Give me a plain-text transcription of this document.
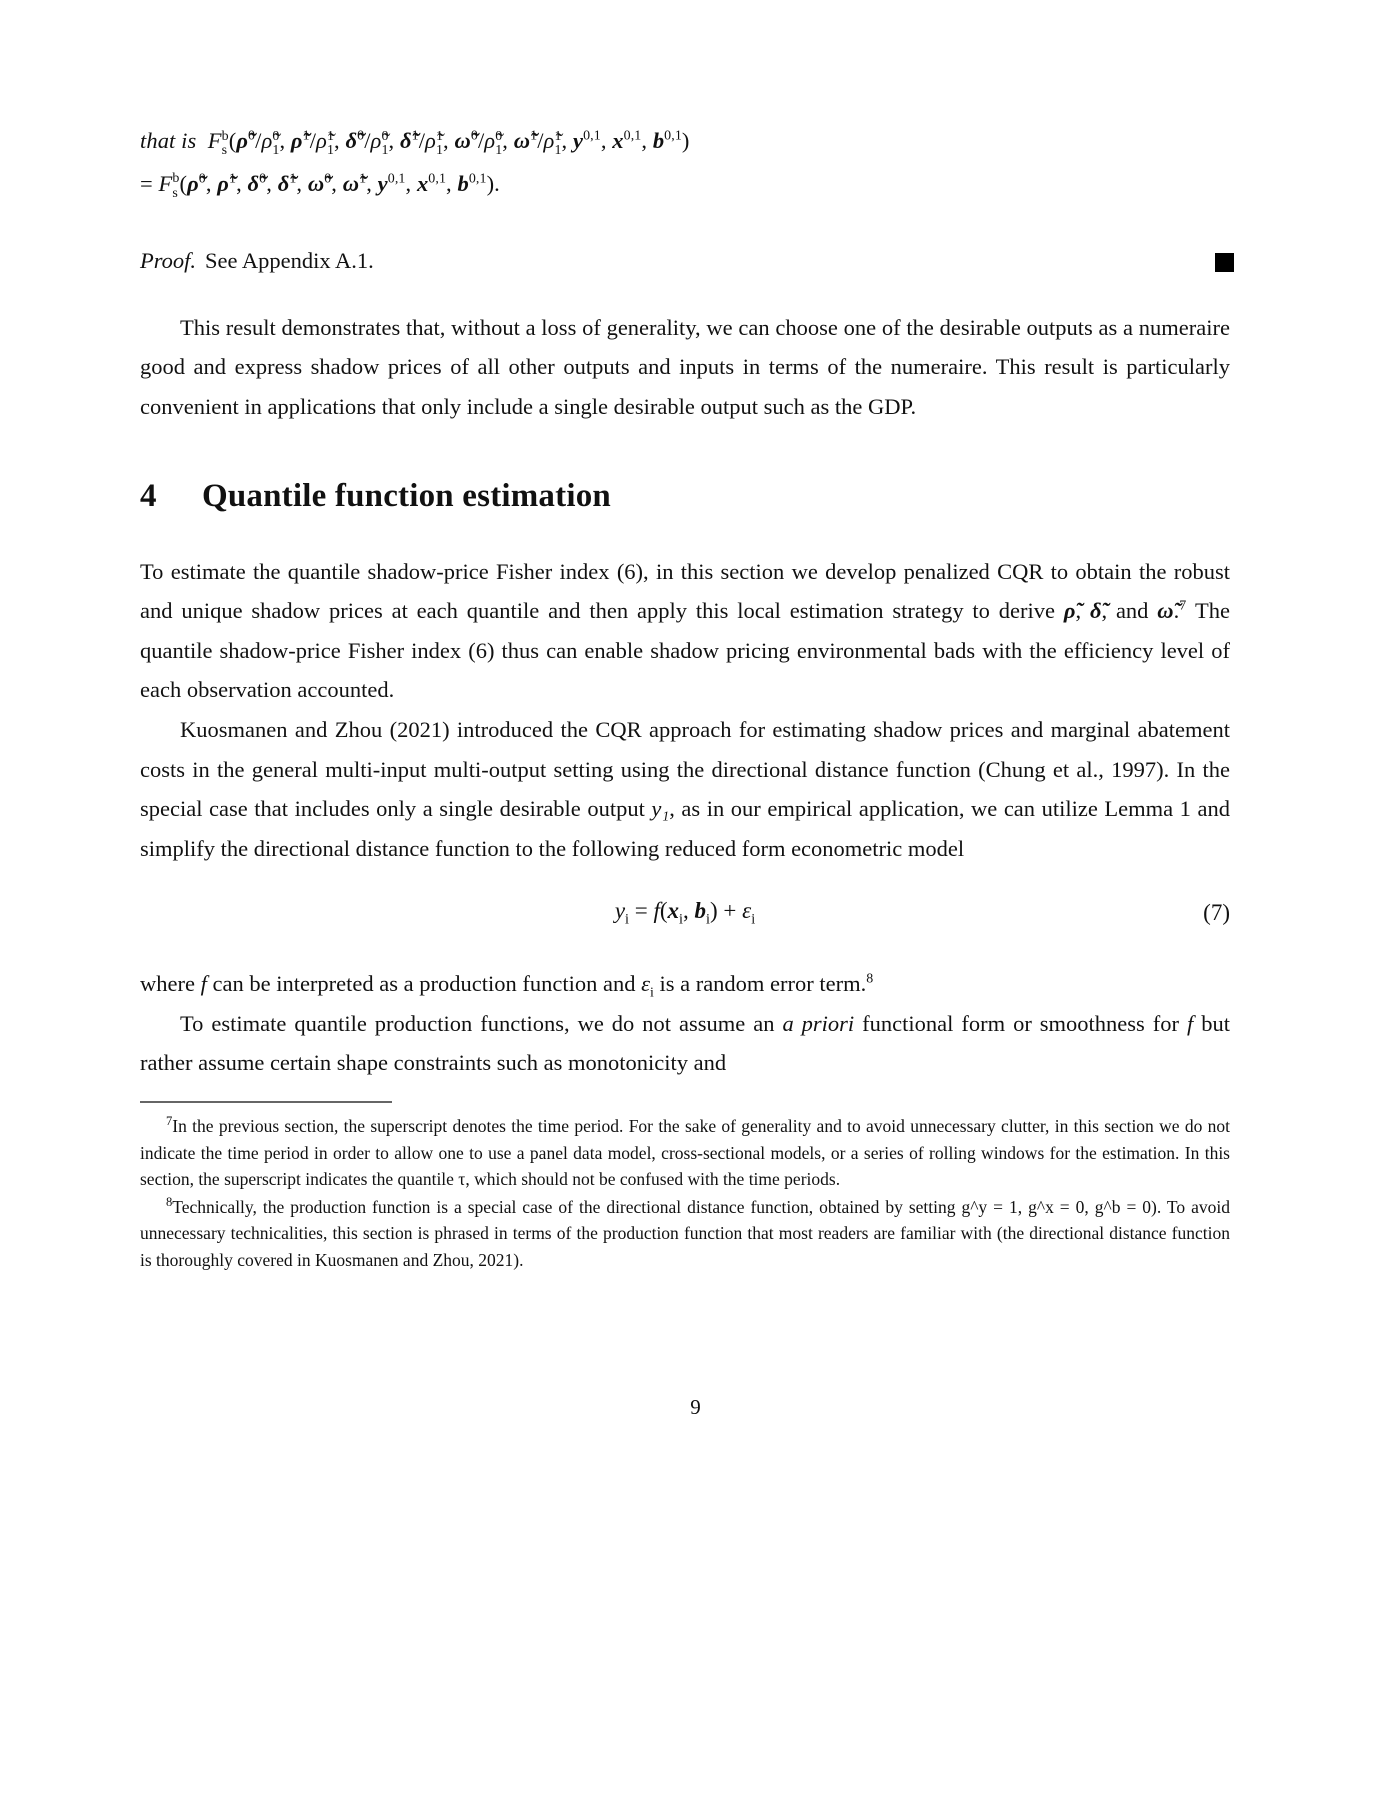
that is F b
s (ρ̃$^0$/ρ̃ 0
1 , ρ̃$^1$/ρ̃ 1
1 , δ̃$^0$/ρ̃ 0
1 , δ̃$^1$/ρ̃ 1
1 , ω̃$^0$/ρ̃ 0
1 , ω̃$^1$/ρ̃ 1
1 , $y^{0,1}$, $x^{0,1}$, $b^{0,1}$)
= F b
s (ρ̃$^0$, ρ̃$^1$, δ̃$^0$, δ̃$^1$, ω̃$^0$, ω̃$^1$, $y^{0,1}$, $x^{0,1}$, $b^{0,1}$).
Proof. See Appendix A.1.

This result demonstrates that, without a loss of generality, we can choose one of the desirable outputs as a numeraire good and express shadow prices of all other outputs and inputs in terms of the numeraire. This result is particularly convenient in applications that only include a single desirable output such as the GDP.

4 Quantile function estimation

To estimate the quantile shadow-price Fisher index (6), in this section we develop penalized CQR to obtain the robust and unique shadow prices at each quantile and then apply this local estimation strategy to derive ρ̃, δ̃, and ω̃.$^7$ The quantile shadow-price Fisher index (6) thus can enable shadow pricing environmental bads with the efficiency level of each observation accounted.

Kuosmanen and Zhou (2021) introduced the CQR approach for estimating shadow prices and marginal abatement costs in the general multi-input multi-output setting using the directional distance function (Chung et al., 1997). In the special case that includes only a single desirable output y₁, as in our empirical application, we can utilize Lemma 1 and simplify the directional distance function to the following reduced form econometric model

$y_i = f(x_i$, $b_i) + \varepsilon_i$	(7)

where f can be interpreted as a production function and $\varepsilon_i$ is a random error term.$^8$

To estimate quantile production functions, we do not assume an a priori functional form or smoothness for f but rather assume certain shape constraints such as monotonicity and

$^7$In the previous section, the superscript denotes the time period. For the sake of generality and to avoid unnecessary clutter, in this section we do not indicate the time period in order to allow one to use a panel data model, cross-sectional models, or a series of rolling windows for the estimation. In this section, the superscript indicates the quantile τ, which should not be confused with the time periods.

$^8$Technically, the production function is a special case of the directional distance function, obtained by setting g^y = 1, g^x = 0, g^b = 0). To avoid unnecessary technicalities, this section is phrased in terms of the production function that most readers are familiar with (the directional distance function is thoroughly covered in Kuosmanen and Zhou, 2021).

9
